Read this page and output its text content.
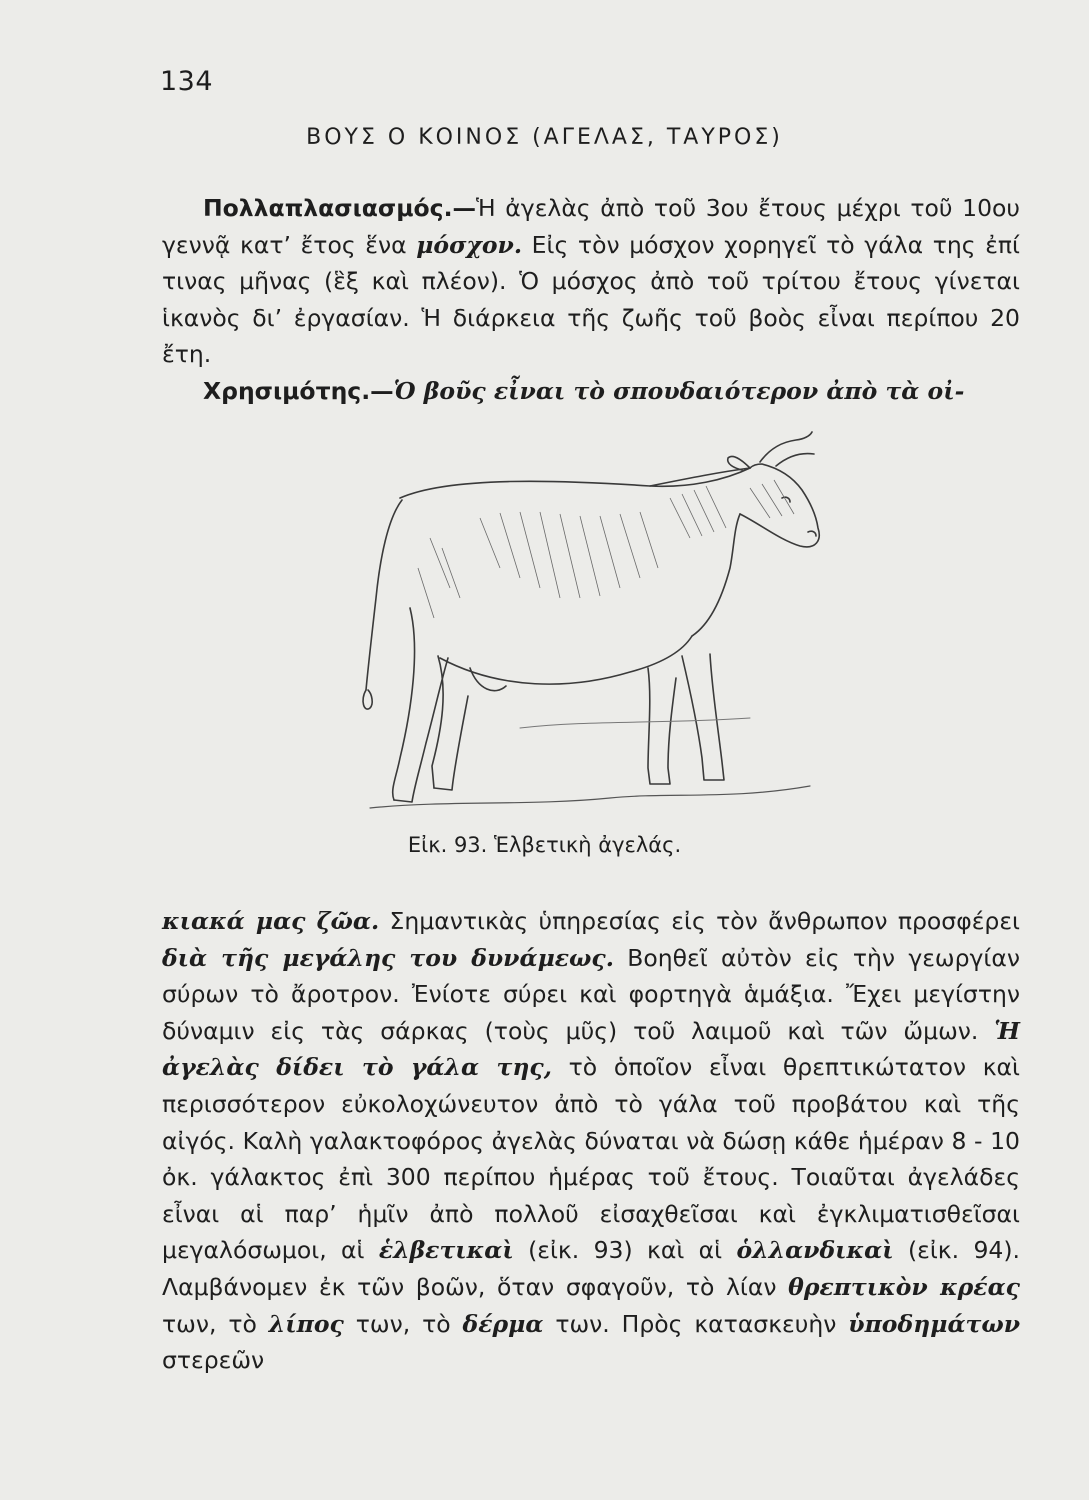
134
ΒΟΥΣ Ο ΚΟΙΝΟΣ (ΑΓΕΛΑΣ, ΤΑΥΡΟΣ)
Πολλαπλασιασμός.—Ἡ ἀγελὰς ἀπὸ τοῦ 3ου ἔτους μέχρι τοῦ 10ου γεννᾷ κατ’ ἔτος ἕνα μόσχον. Εἰς τὸν μόσχον χορηγεῖ τὸ γάλα της ἐπί τινας μῆνας (ἓξ καὶ πλέον). Ὁ μόσχος ἀπὸ τοῦ τρίτου ἔτους γίνεται ἱκανὸς δι’ ἐργασίαν. Ἡ διάρκεια τῆς ζωῆς τοῦ βοὸς εἶναι περίπου 20 ἔτη.
Χρησιμότης.—Ὁ βοῦς εἶναι τὸ σπουδαιότερον ἀπὸ τὰ οἰ-
Εἰκ. 93. Ἑλβετικὴ ἀγελάς.
κιακά μας ζῶα. Σημαντικὰς ὑπηρεσίας εἰς τὸν ἄνθρωπον προσφέρει διὰ τῆς μεγάλης του δυνάμεως. Βοηθεῖ αὐτὸν εἰς τὴν γεωργίαν σύρων τὸ ἄροτρον. Ἐνίοτε σύρει καὶ φορτηγὰ ἁμάξια. Ἔχει μεγίστην δύναμιν εἰς τὰς σάρκας (τοὺς μῦς) τοῦ λαιμοῦ καὶ τῶν ὤμων. Ἡ ἀγελὰς δίδει τὸ γάλα της, τὸ ὁποῖον εἶναι θρεπτικώτατον καὶ περισσότερον εὐκολοχώνευτον ἀπὸ τὸ γάλα τοῦ προβάτου καὶ τῆς αἰγός. Καλὴ γαλακτοφόρος ἀγελὰς δύναται νὰ δώσῃ κάθε ἡμέραν 8 - 10 ὀκ. γάλακτος ἐπὶ 300 περίπου ἡμέρας τοῦ ἔτους. Τοιαῦται ἀγελάδες εἶναι αἱ παρ’ ἡμῖν ἀπὸ πολλοῦ εἰσαχθεῖσαι καὶ ἐγκλιματισθεῖσαι μεγαλόσωμοι, αἱ ἑλβετικαὶ (εἰκ. 93) καὶ αἱ ὁλλανδικαὶ (εἰκ. 94). Λαμβάνομεν ἐκ τῶν βοῶν, ὅταν σφαγοῦν, τὸ λίαν θρεπτικὸν κρέας των, τὸ λίπος των, τὸ δέρμα των. Πρὸς κατασκευὴν ὑποδημάτων στερεῶν
